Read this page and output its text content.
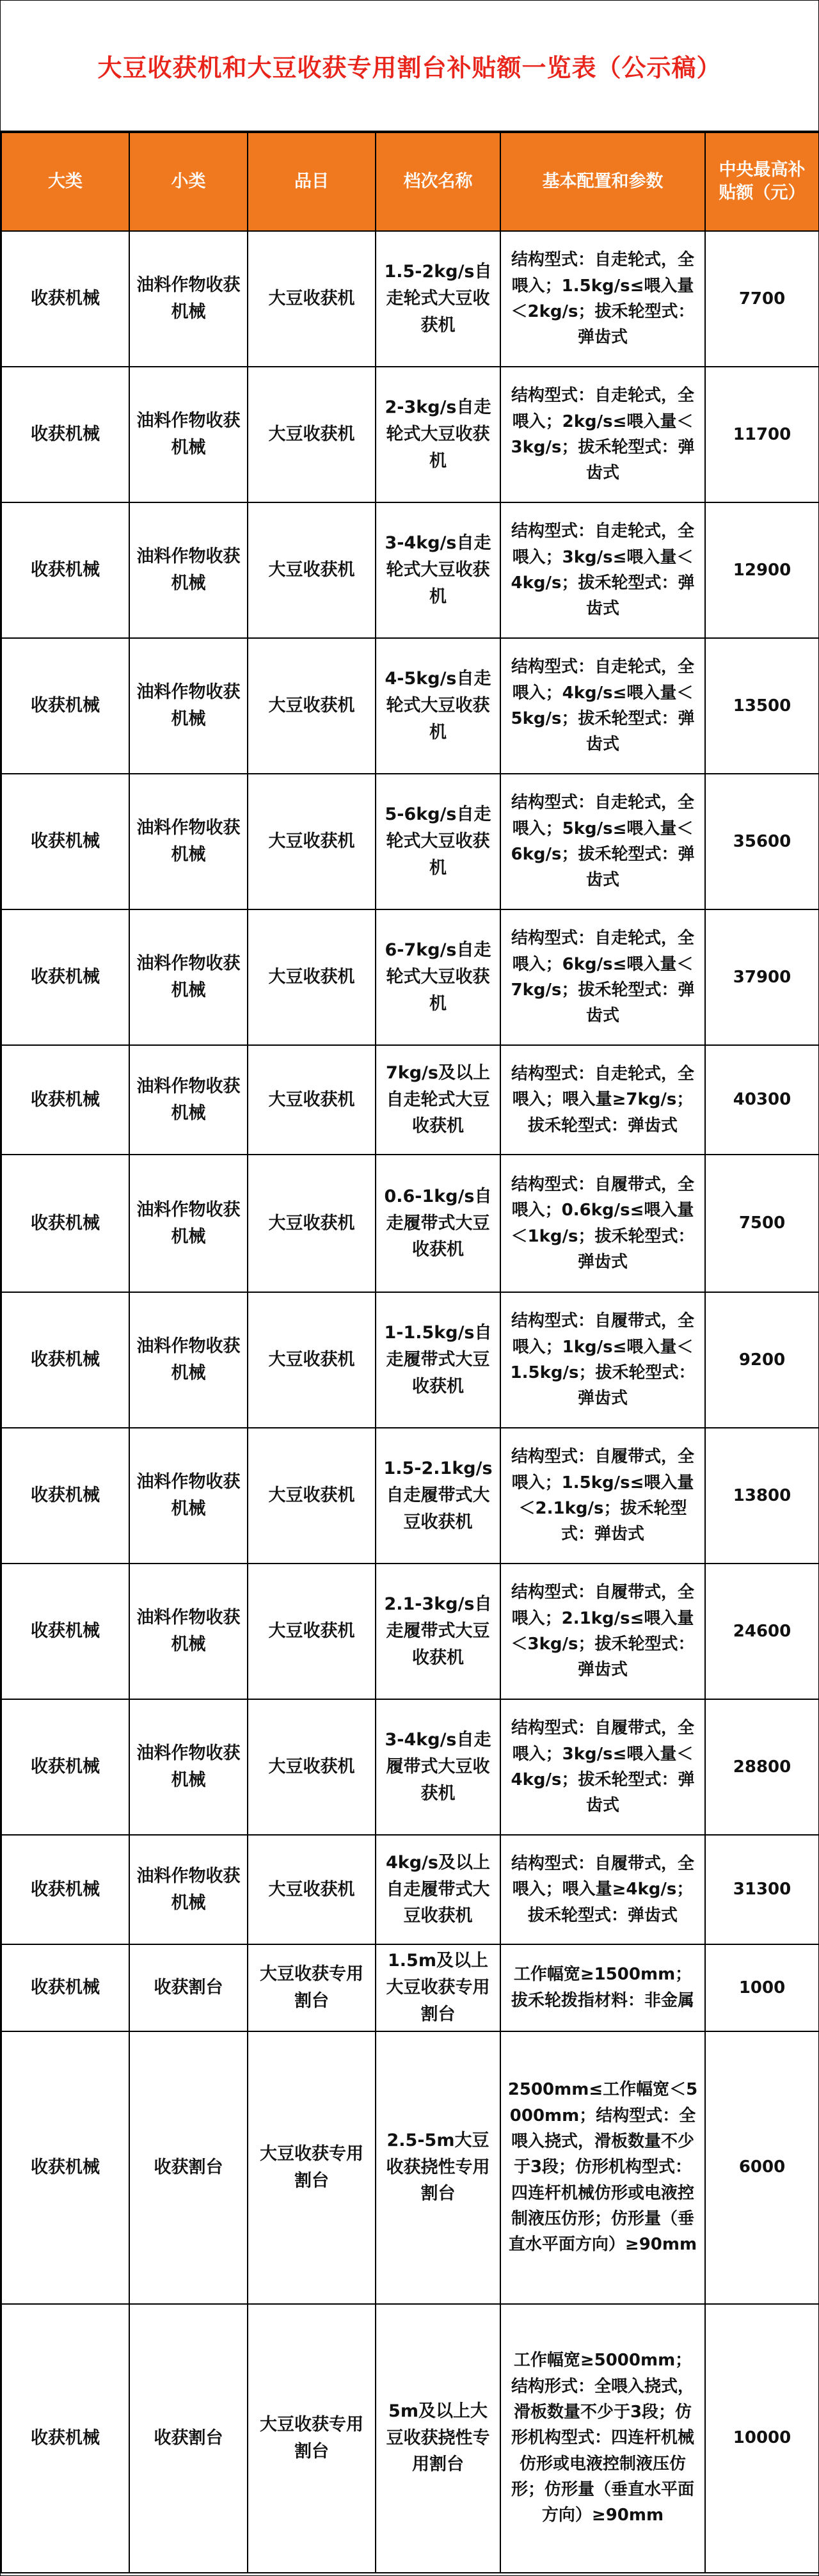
大豆收获机和大豆收获专用割台补贴额一览表（公示稿）
大类	小类	品目	档次名称	基本配置和参数	中央最高补贴额（元）
收获机械	油料作物收获机械	大豆收获机	1.5-2kg/s自走轮式大豆收获机	结构型式：自走轮式，全喂入；1.5kg/s≤喂入量＜2kg/s；拔禾轮型式：弹齿式	7700
收获机械	油料作物收获机械	大豆收获机	2-3kg/s自走轮式大豆收获机	结构型式：自走轮式，全喂入；2kg/s≤喂入量＜3kg/s；拔禾轮型式：弹齿式	11700
收获机械	油料作物收获机械	大豆收获机	3-4kg/s自走轮式大豆收获机	结构型式：自走轮式，全喂入；3kg/s≤喂入量＜4kg/s；拔禾轮型式：弹齿式	12900
收获机械	油料作物收获机械	大豆收获机	4-5kg/s自走轮式大豆收获机	结构型式：自走轮式，全喂入；4kg/s≤喂入量＜5kg/s；拔禾轮型式：弹齿式	13500
收获机械	油料作物收获机械	大豆收获机	5-6kg/s自走轮式大豆收获机	结构型式：自走轮式，全喂入；5kg/s≤喂入量＜6kg/s；拔禾轮型式：弹齿式	35600
收获机械	油料作物收获机械	大豆收获机	6-7kg/s自走轮式大豆收获机	结构型式：自走轮式，全喂入；6kg/s≤喂入量＜7kg/s；拔禾轮型式：弹齿式	37900
收获机械	油料作物收获机械	大豆收获机	7kg/s及以上自走轮式大豆收获机	结构型式：自走轮式，全喂入；喂入量≥7kg/s；拔禾轮型式：弹齿式	40300
收获机械	油料作物收获机械	大豆收获机	0.6-1kg/s自走履带式大豆收获机	结构型式：自履带式，全喂入；0.6kg/s≤喂入量＜1kg/s；拔禾轮型式：弹齿式	7500
收获机械	油料作物收获机械	大豆收获机	1-1.5kg/s自走履带式大豆收获机	结构型式：自履带式，全喂入；1kg/s≤喂入量＜1.5kg/s；拔禾轮型式：弹齿式	9200
收获机械	油料作物收获机械	大豆收获机	1.5-2.1kg/s自走履带式大豆收获机	结构型式：自履带式，全喂入；1.5kg/s≤喂入量＜2.1kg/s；拔禾轮型式：弹齿式	13800
收获机械	油料作物收获机械	大豆收获机	2.1-3kg/s自走履带式大豆收获机	结构型式：自履带式，全喂入；2.1kg/s≤喂入量＜3kg/s；拔禾轮型式：弹齿式	24600
收获机械	油料作物收获机械	大豆收获机	3-4kg/s自走履带式大豆收获机	结构型式：自履带式，全喂入；3kg/s≤喂入量＜4kg/s；拔禾轮型式：弹齿式	28800
收获机械	油料作物收获机械	大豆收获机	4kg/s及以上自走履带式大豆收获机	结构型式：自履带式，全喂入；喂入量≥4kg/s；拔禾轮型式：弹齿式	31300
收获机械	收获割台	大豆收获专用割台	1.5m及以上大豆收获专用割台	工作幅宽≥1500mm；拔禾轮拨指材料：非金属	1000
收获机械	收获割台	大豆收获专用割台	2.5-5m大豆收获挠性专用割台	2500mm≤工作幅宽＜5000mm；结构型式：全喂入挠式，滑板数量不少于3段；仿形机构型式：四连杆机械仿形或电液控制液压仿形；仿形量（垂直水平面方向）≥90mm	6000
收获机械	收获割台	大豆收获专用割台	5m及以上大豆收获挠性专用割台	工作幅宽≥5000mm；结构形式：全喂入挠式，滑板数量不少于3段；仿形机构型式：四连杆机械仿形或电液控制液压仿形；仿形量（垂直水平面方向）≥90mm	10000
